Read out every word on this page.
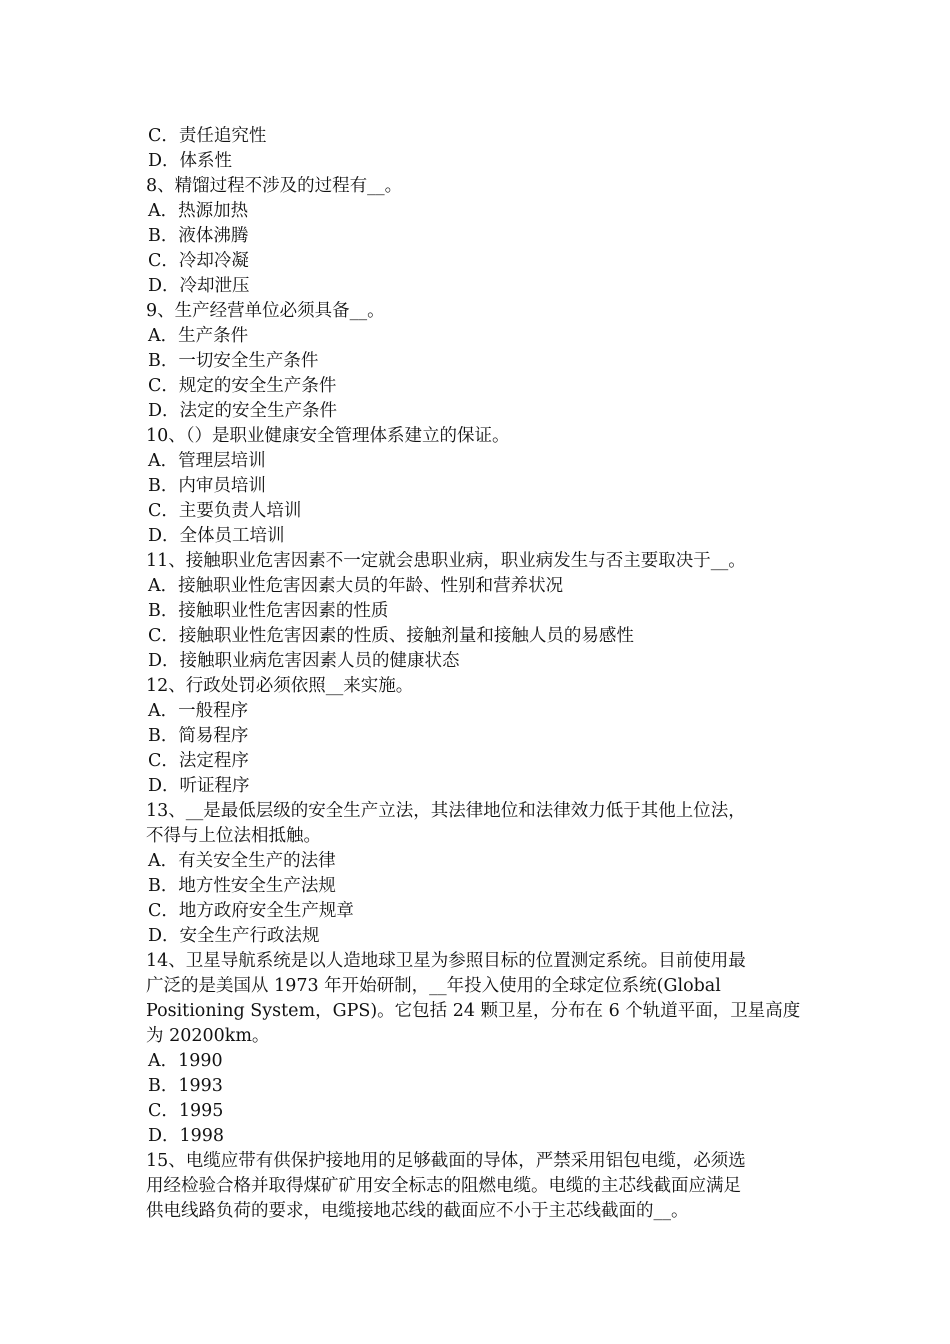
C．责任追究性
D．体系性
8、精馏过程不涉及的过程有__。
A．热源加热
B．液体沸腾
C．冷却冷凝
D．冷却泄压
9、生产经营单位必须具备__。
A．生产条件
B．一切安全生产条件
C．规定的安全生产条件
D．法定的安全生产条件
10、（）是职业健康安全管理体系建立的保证。
A．管理层培训
B．内审员培训
C．主要负责人培训
D．全体员工培训
11、接触职业危害因素不一定就会患职业病，职业病发生与否主要取决于__。
A．接触职业性危害因素大员的年龄、性别和营养状况
B．接触职业性危害因素的性质
C．接触职业性危害因素的性质、接触剂量和接触人员的易感性
D．接触职业病危害因素人员的健康状态
12、行政处罚必须依照__来实施。
A．一般程序
B．简易程序
C．法定程序
D．听证程序
13、__是最低层级的安全生产立法，其法律地位和法律效力低于其他上位法，
不得与上位法相抵触。
A．有关安全生产的法律
B．地方性安全生产法规
C．地方政府安全生产规章
D．安全生产行政法规
14、卫星导航系统是以人造地球卫星为参照目标的位置测定系统。目前使用最
广泛的是美国从 1973 年开始研制，__年投入使用的全球定位系统(Global
Positioning System，GPS)。它包括 24 颗卫星，分布在 6 个轨道平面，卫星高度
为 20200km。
A．1990
B．1993
C．1995
D．1998
15、电缆应带有供保护接地用的足够截面的导体，严禁采用铝包电缆，必须选
用经检验合格并取得煤矿矿用安全标志的阻燃电缆。电缆的主芯线截面应满足
供电线路负荷的要求，电缆接地芯线的截面应不小于主芯线截面的__。
